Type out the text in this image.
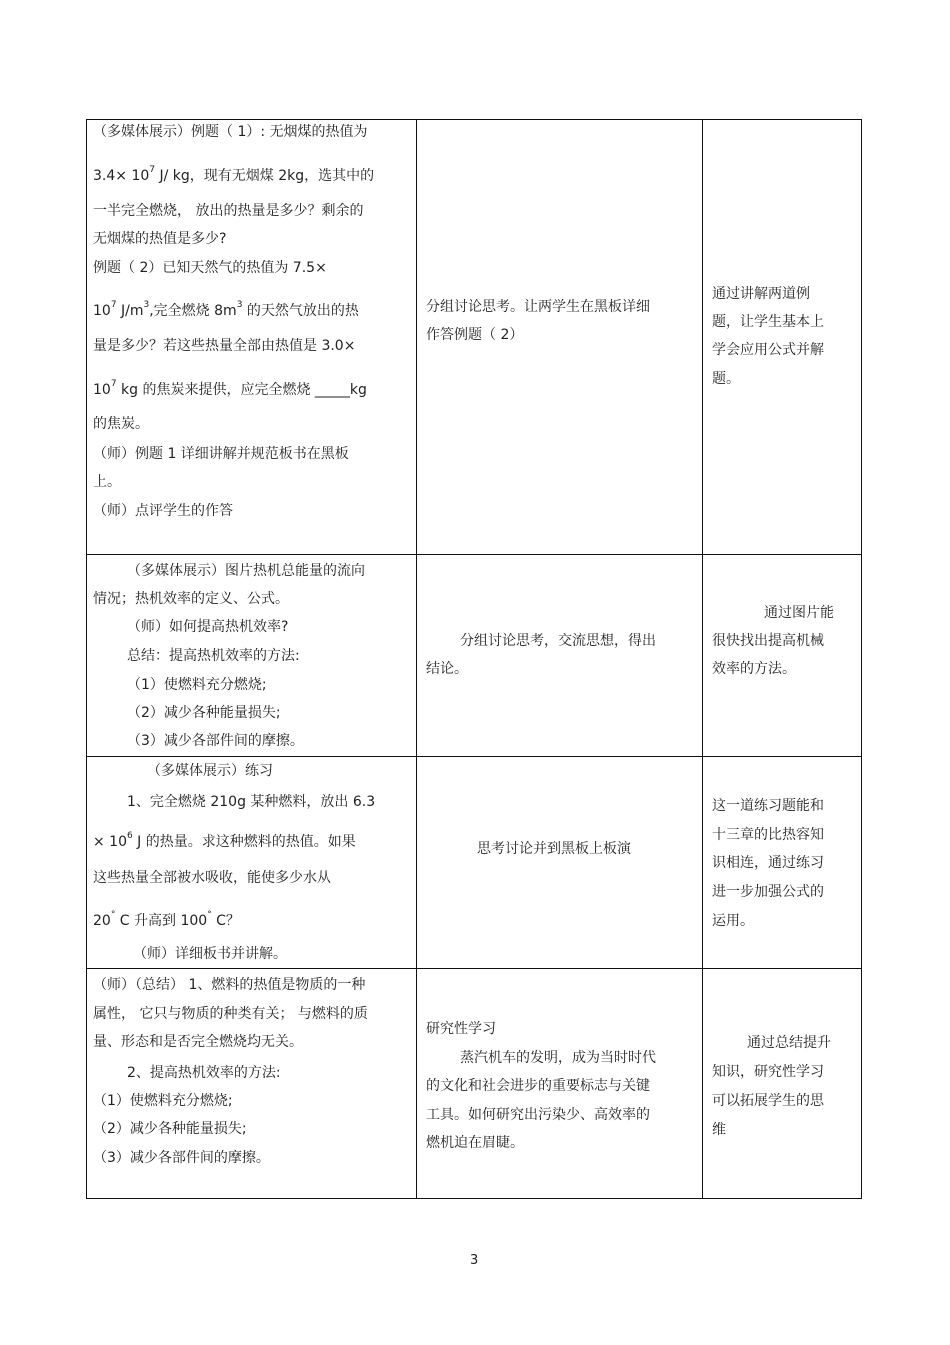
（多媒体展示）例题（ 1）: 无烟煤的热值为
$3.4\times 10^7$ J/ kg，现有无烟煤 2kg，选其中的
一半完全燃烧， 放出的热量是多少？剩余的
无烟煤的热值是多少?
例题（ 2）已知天然气的热值为 7.5×
$10^7$ $J/m^3$,完全燃烧 $8m^3$ 的天然气放出的热
量是多少？若这些热量全部由热值是 3.0×
$10^7$ kg 的焦炭来提供，应完全燃烧 _____kg
的焦炭。
（师）例题 1 详细讲解并规范板书在黑板
上。
（师）点评学生的作答
分组讨论思考。让两学生在黑板详细
作答例题（ 2）
通过讲解两道例
题，让学生基本上
学会应用公式并解
题。
（多媒体展示）图片热机总能量的流向
情况；热机效率的定义、公式。
（师）如何提高热机效率?
总结：提高热机效率的方法:
（1）使燃料充分燃烧;
（2）减少各种能量损失;
（3）减少各部件间的摩擦。
分组讨论思考，交流思想，得出
结论。
通过图片能
很快找出提高机械
效率的方法。
（多媒体展示）练习
1、完全燃烧 210g 某种燃料，放出 6.3
× $10^6$ J 的热量。求这种燃料的热值。如果
这些热量全部被水吸收，能使多少水从
20° C 升高到 100° C？
（师）详细板书并讲解。
思考讨论并到黑板上板演
这一道练习题能和
十三章的比热容知
识相连，通过练习
进一步加强公式的
运用。
（师）（总结） 1、燃料的热值是物质的一种
属性， 它只与物质的种类有关； 与燃料的质
量、形态和是否完全燃烧均无关。
2、提高热机效率的方法:
（1）使燃料充分燃烧;
（2）减少各种能量损失;
（3）减少各部件间的摩擦。
研究性学习
蒸汽机车的发明，成为当时时代
的文化和社会进步的重要标志与关键
工具。如何研究出污染少、高效率的
燃机迫在眉睫。
通过总结提升
知识，研究性学习
可以拓展学生的思
维
3
